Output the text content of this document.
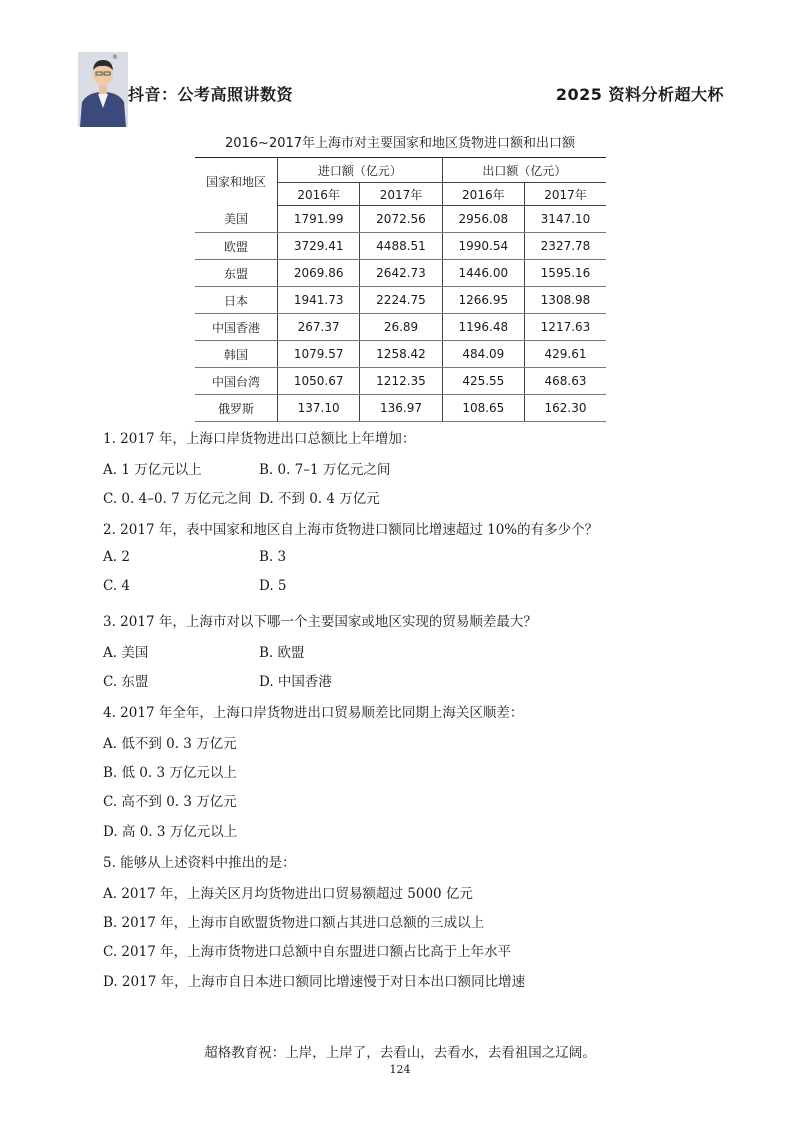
®
抖音：公考高照讲数资	2025 资料分析超大杯
2016~2017年上海市对主要国家和地区货物进口额和出口额
国家和地区	进口额（亿元）		出口额（亿元）	
	2016年	2017年	2016年	2017年
美国	1791.99	2072.56	2956.08	3147.10
欧盟	3729.41	4488.51	1990.54	2327.78
东盟	2069.86	2642.73	1446.00	1595.16
日本	1941.73	2224.75	1266.95	1308.98
中国香港	267.37	26.89	1196.48	1217.63
韩国	1079.57	1258.42	484.09	429.61
中国台湾	1050.67	1212.35	425.55	468.63
俄罗斯	137.10	136.97	108.65	162.30
1. 2017 年，上海口岸货物进出口总额比上年增加：
A. 1 万亿元以上	B. 0. 7–1 万亿元之间
C. 0. 4–0. 7 万亿元之间 D. 不到 0. 4 万亿元
2. 2017 年，表中国家和地区自上海市货物进口额同比增速超过 10%的有多少个？
A. 2	B. 3
C. 4	D. 5
3. 2017 年，上海市对以下哪一个主要国家或地区实现的贸易顺差最大？
A. 美国	B. 欧盟
C. 东盟	D. 中国香港
4. 2017 年全年，上海口岸货物进出口贸易顺差比同期上海关区顺差：
A. 低不到 0. 3 万亿元
B. 低 0. 3 万亿元以上
C. 高不到 0. 3 万亿元
D. 高 0. 3 万亿元以上
5. 能够从上述资料中推出的是：
A. 2017 年，上海关区月均货物进出口贸易额超过 5000 亿元
B. 2017 年，上海市自欧盟货物进口额占其进口总额的三成以上
C. 2017 年，上海市货物进口总额中自东盟进口额占比高于上年水平
D. 2017 年，上海市自日本进口额同比增速慢于对日本出口额同比增速
超格教育祝：上岸，上岸了，去看山，去看水，去看祖国之辽阔。
124
